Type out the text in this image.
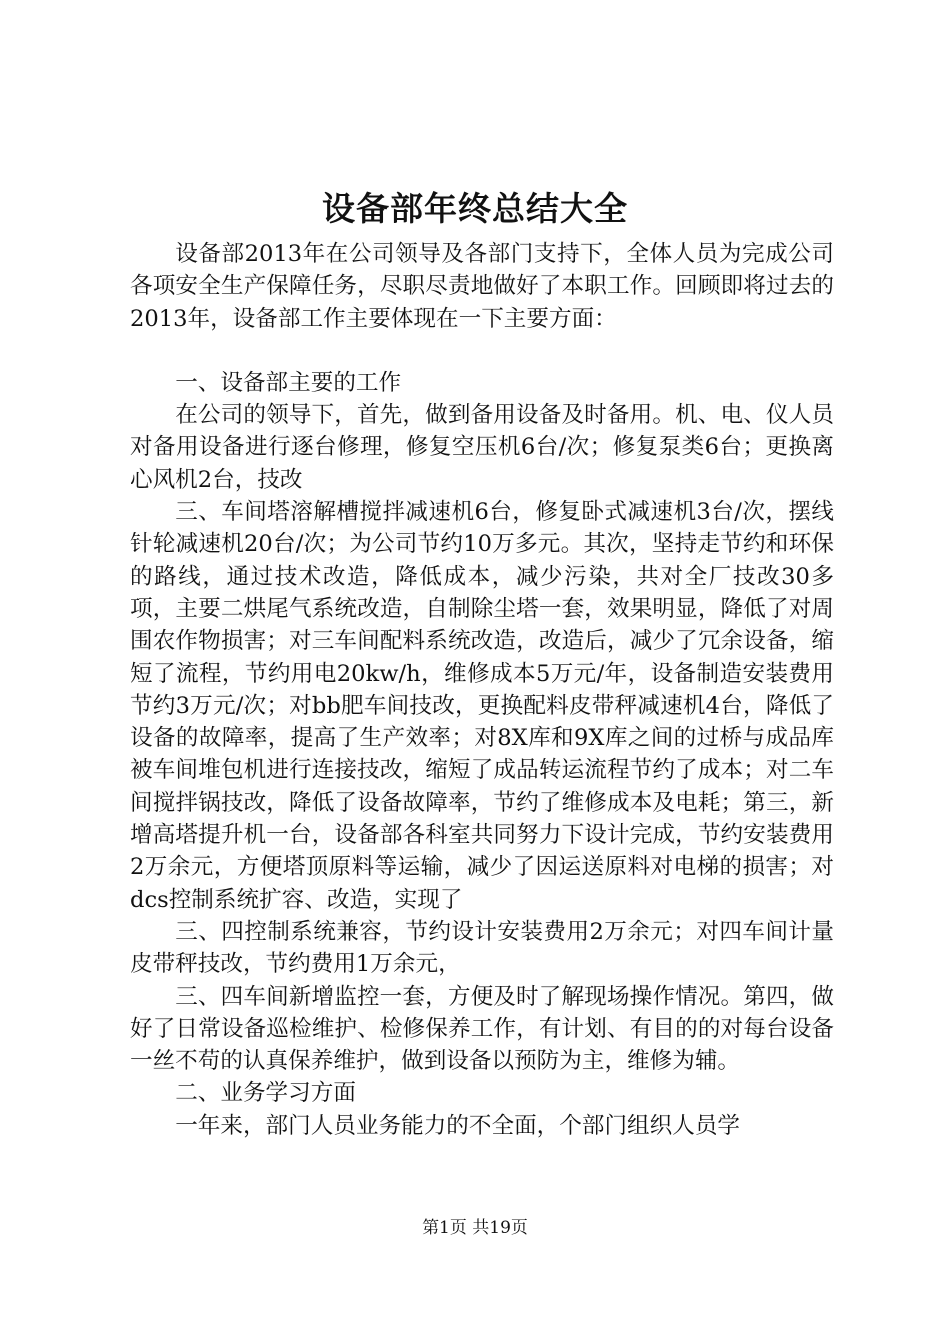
设备部年终总结大全

设备部2013年在公司领导及各部门支持下，全体人员为完成公司各项安全生产保障任务，尽职尽责地做好了本职工作。回顾即将过去的2013年，设备部工作主要体现在一下主要方面：

一、设备部主要的工作

在公司的领导下，首先，做到备用设备及时备用。机、电、仪人员对备用设备进行逐台修理，修复空压机6台/次；修复泵类6台；更换离心风机2台，技改

三、车间塔溶解槽搅拌减速机6台，修复卧式减速机3台/次，摆线针轮减速机20台/次；为公司节约10万多元。其次，坚持走节约和环保的路线，通过技术改造，降低成本，减少污染，共对全厂技改30多项，主要二烘尾气系统改造，自制除尘塔一套，效果明显，降低了对周围农作物损害；对三车间配料系统改造，改造后，减少了冗余设备，缩短了流程，节约用电20kw/h，维修成本5万元/年，设备制造安装费用节约3万元/次；对bb肥车间技改，更换配料皮带秤减速机4台，降低了设备的故障率，提高了生产效率；对8X库和9X库之间的过桥与成品库被车间堆包机进行连接技改，缩短了成品转运流程节约了成本；对二车间搅拌锅技改，降低了设备故障率，节约了维修成本及电耗；第三，新增高塔提升机一台，设备部各科室共同努力下设计完成，节约安装费用2万余元，方便塔顶原料等运输，减少了因运送原料对电梯的损害；对dcs控制系统扩容、改造，实现了

三、四控制系统兼容，节约设计安装费用2万余元；对四车间计量皮带秤技改，节约费用1万余元，

三、四车间新增监控一套，方便及时了解现场操作情况。第四，做好了日常设备巡检维护、检修保养工作，有计划、有目的的对每台设备一丝不苟的认真保养维护，做到设备以预防为主，维修为辅。

二、业务学习方面

一年来，部门人员业务能力的不全面，个部门组织人员学

第1页 共19页
